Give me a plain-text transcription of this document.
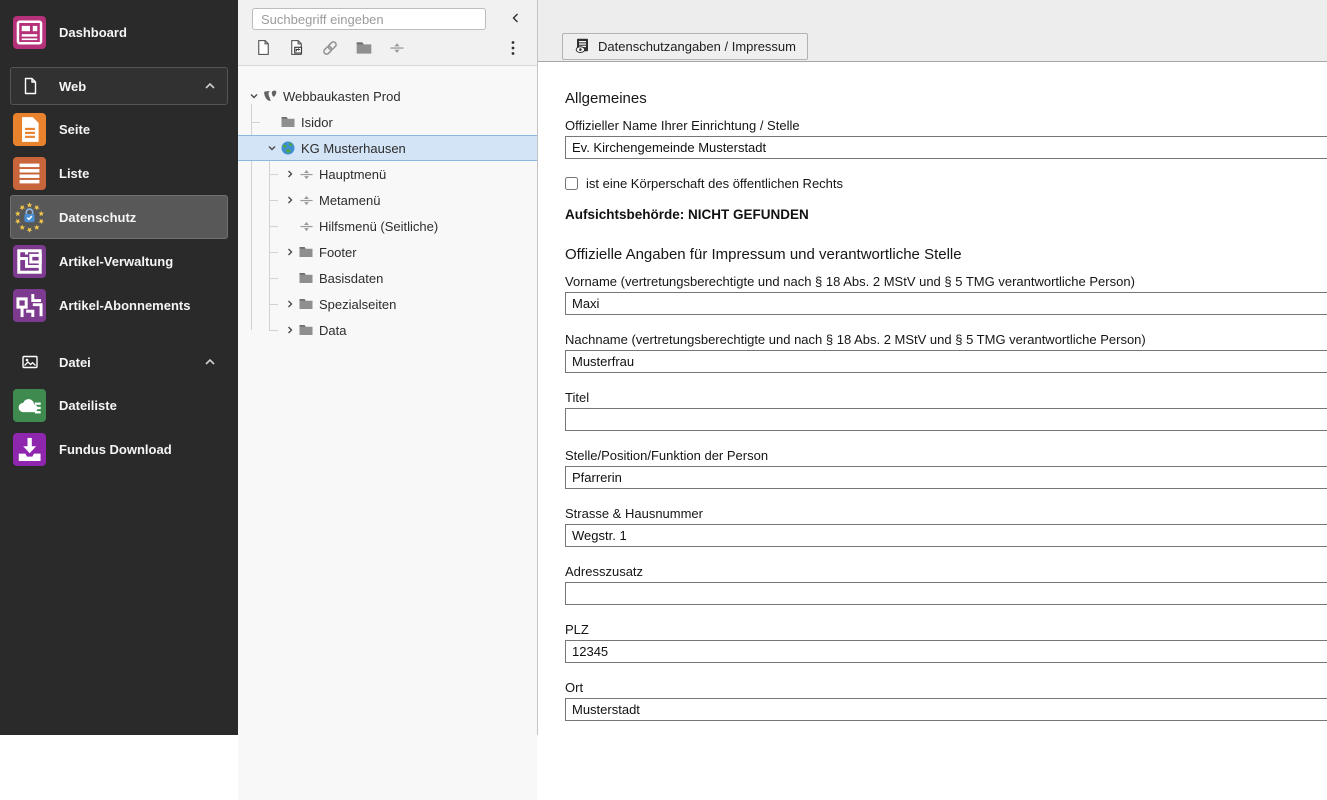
Dashboard
Web
Seite
Liste
Datenschutz
Artikel-Verwaltung
Artikel-Abonnements
Datei
Dateiliste
Fundus Download
Suchbegriff eingeben
Webbaukasten Prod
Isidor
KG Musterhausen
Hauptmenü
Metamenü
Hilfsmenü (Seitliche)
Footer
Basisdaten
Spezialseiten
Data
Datenschutzangaben / Impressum
Allgemeines
Offizieller Name Ihrer Einrichtung / Stelle
Ev. Kirchengemeinde Musterstadt
ist eine Körperschaft des öffentlichen Rechts

Aufsichtsbehörde: NICHT GEFUNDEN

Offizielle Angaben für Impressum und verantwortliche Stelle
Vorname (vertretungsberechtigte und nach § 18 Abs. 2 MStV und § 5 TMG verantwortliche Person)
Maxi
Nachname (vertretungsberechtigte und nach § 18 Abs. 2 MStV und § 5 TMG verantwortliche Person)
Musterfrau
Titel
Stelle/Position/Funktion der Person
Pfarrerin
Strasse & Hausnummer
Wegstr. 1
Adresszusatz
PLZ
12345
Ort
Musterstadt
